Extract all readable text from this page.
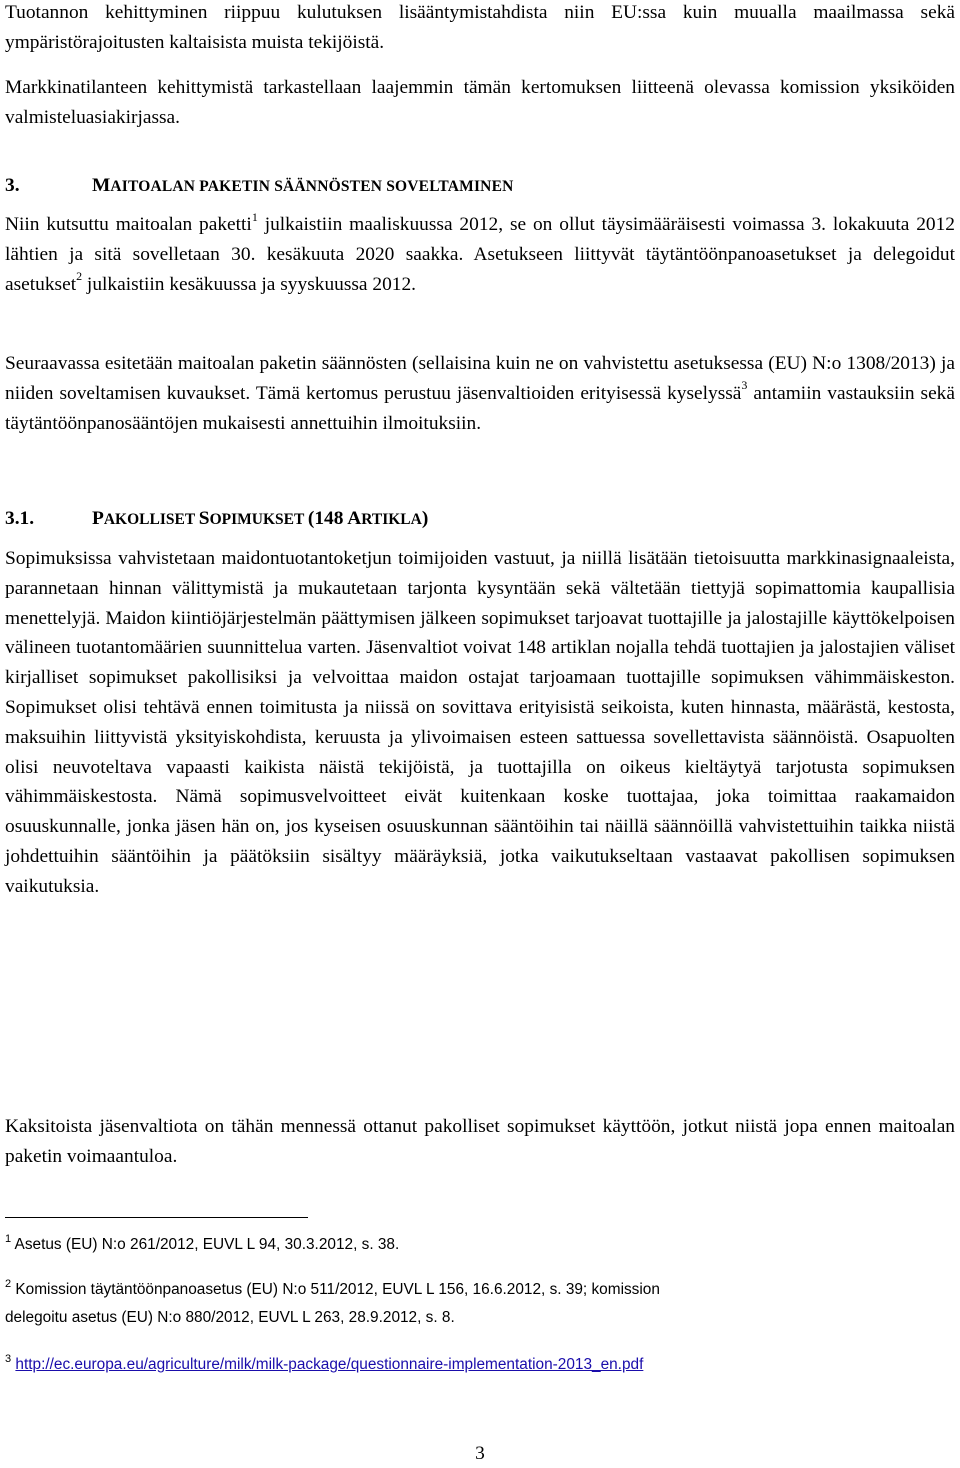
Tuotannon kehittyminen riippuu kulutuksen lisääntymistahdista niin EU:ssa kuin muualla maailmassa sekä ympäristörajoitusten kaltaisista muista tekijöistä.

Markkinatilanteen kehittymistä tarkastellaan laajemmin tämän kertomuksen liitteenä olevassa komission yksiköiden valmisteluasiakirjassa.

3.	MAITOALAN PAKETIN SÄÄNNÖSTEN SOVELTAMINEN

Niin kutsuttu maitoalan paketti$^1$ julkaistiin maaliskuussa 2012, se on ollut täysimääräisesti voimassa 3. lokakuuta 2012 lähtien ja sitä sovelletaan 30. kesäkuuta 2020 saakka. Asetukseen liittyvät täytäntöönpanoasetukset ja delegoidut asetukset$^2$ julkaistiin kesäkuussa ja syyskuussa 2012.

Seuraavassa esitetään maitoalan paketin säännösten (sellaisina kuin ne on vahvistettu asetuksessa (EU) N:o 1308/2013) ja niiden soveltamisen kuvaukset. Tämä kertomus perustuu jäsenvaltioiden erityisessä kyselyssä$^3$ antamiin vastauksiin sekä täytäntöönpanosääntöjen mukaisesti annettuihin ilmoituksiin.

3.1.	PAKOLLISET SOPIMUKSET (148 ARTIKLA)

Sopimuksissa vahvistetaan maidontuotantoketjun toimijoiden vastuut, ja niillä lisätään tietoisuutta markkinasignaaleista, parannetaan hinnan välittymistä ja mukautetaan tarjonta kysyntään sekä vältetään tiettyjä sopimattomia kaupallisia menettelyjä. Maidon kiintiöjärjestelmän päättymisen jälkeen sopimukset tarjoavat tuottajille ja jalostajille käyttökelpoisen välineen tuotantomäärien suunnittelua varten. Jäsenvaltiot voivat 148 artiklan nojalla tehdä tuottajien ja jalostajien väliset kirjalliset sopimukset pakollisiksi ja velvoittaa maidon ostajat tarjoamaan tuottajille sopimuksen vähimmäiskeston. Sopimukset olisi tehtävä ennen toimitusta ja niissä on sovittava erityisistä seikoista, kuten hinnasta, määrästä, kestosta, maksuihin liittyvistä yksityiskohdista, keruusta ja ylivoimaisen esteen sattuessa sovellettavista säännöistä. Osapuolten olisi neuvoteltava vapaasti kaikista näistä tekijöistä, ja tuottajilla on oikeus kieltäytyä tarjotusta sopimuksen vähimmäiskestosta. Nämä sopimusvelvoitteet eivät kuitenkaan koske tuottajaa, joka toimittaa raakamaidon osuuskunnalle, jonka jäsen hän on, jos kyseisen osuuskunnan sääntöihin tai näillä säännöillä vahvistettuihin taikka niistä johdettuihin sääntöihin ja päätöksiin sisältyy määräyksiä, jotka vaikutukseltaan vastaavat pakollisen sopimuksen vaikutuksia.

Kaksitoista jäsenvaltiota on tähän mennessä ottanut pakolliset sopimukset käyttöön, jotkut niistä jopa ennen maitoalan paketin voimaantuloa.

$^1$ Asetus (EU) N:o 261/2012, EUVL L 94, 30.3.2012, s. 38.
$^2$ Komission täytäntöönpanoasetus (EU) N:o 511/2012, EUVL L 156, 16.6.2012, s. 39; komission
delegoitu asetus (EU) N:o 880/2012, EUVL L 263, 28.9.2012, s. 8.
$^3$ http://ec.europa.eu/agriculture/milk/milk-package/questionnaire-implementation-2013_en.pdf
3
